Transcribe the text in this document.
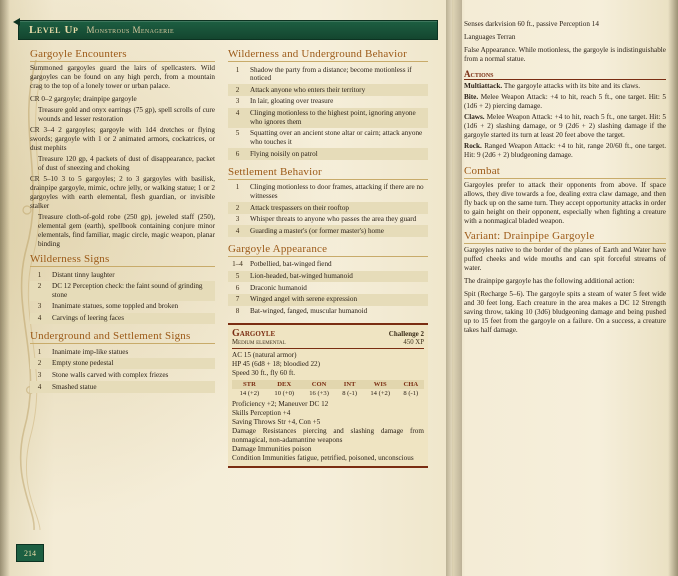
Level Up Monstrous Menagerie
Gargoyle Encounters

Summoned gargoyles guard the lairs of spellcasters. Wild gargoyles can be found on any high perch, from a mountain crag to the top of a lonely tower or urban palace.

CR 0–2 gargoyle; drainpipe gargoyle

Treasure gold and onyx earrings (75 gp), spell scrolls of cure wounds and lesser restoration

CR 3–4 2 gargoyles; gargoyle with 1d4 dretches or flying swords; gargoyle with 1 or 2 animated armors, cockatrices, or dust mephits

Treasure 120 gp, 4 packets of dust of disappearance, packet of dust of sneezing and choking

CR 5–10 3 to 5 gargoyles; 2 to 3 gargoyles with basilisk, drainpipe gargoyle, mimic, ochre jelly, or walking statue; 1 or 2 gargoyles with earth elemental, flesh guardian, or invisible stalker

Treasure cloth-of-gold robe (250 gp), jeweled staff (250), elemental gem (earth), spellbook containing conjure minor elementals, find familiar, magic circle, magic weapon, planar binding

Wilderness Signs
1	Distant tinny laughter
2	DC 12 Perception check: the faint sound of grinding stone
3	Inanimate statues, some toppled and broken
4	Carvings of leering faces
Underground and Settlement Signs
1	Inanimate imp-like statues
2	Empty stone pedestal
3	Stone walls carved with complex friezes
4	Smashed statue
Wilderness and Underground Behavior
1	Shadow the party from a distance; become motionless if noticed
2	Attack anyone who enters their territory
3	In lair, gloating over treasure
4	Clinging motionless to the highest point, ignoring anyone who ignores them
5	Squatting over an ancient stone altar or cairn; attack anyone who touches it
6	Flying noisily on patrol
Settlement Behavior
1	Clinging motionless to door frames, attacking if there are no witnesses
2	Attack trespassers on their rooftop
3	Whisper threats to anyone who passes the area they guard
4	Guarding a master's (or former master's) home
Gargoyle Appearance
1–4	Potbellied, bat-winged fiend
5	Lion-headed, bat-winged humanoid
6	Draconic humanoid
7	Winged angel with serene expression
8	Bat-winged, fanged, muscular humanoid
Gargoyle	Challenge 2
Medium elemental	450 XP

AC 15 (natural armor)

HP 45 (6d8 + 18; bloodied 22)

Speed 30 ft., fly 60 ft.

STR	DEX	CON	INT	WIS	CHA
14 (+2)	10 (+0)	16 (+3)	8 (-1)	14 (+2)	8 (-1)

Proficiency +2; Maneuver DC 12

Skills Perception +4

Saving Throws Str +4, Con +5

Damage Resistances piercing and slashing damage from nonmagical, non-adamantine weapons

Damage Immunities poison

Condition Immunities fatigue, petrified, poisoned, unconscious

214

Senses darkvision 60 ft., passive Perception 14

Languages Terran

False Appearance. While motionless, the gargoyle is indistinguishable from a normal statue.

Actions

Multiattack. The gargoyle attacks with its bite and its claws.

Bite. Melee Weapon Attack: +4 to hit, reach 5 ft., one target. Hit: 5 (1d6 + 2) piercing damage.

Claws. Melee Weapon Attack: +4 to hit, reach 5 ft., one target. Hit: 5 (1d6 + 2) slashing damage, or 9 (2d6 + 2) slashing damage if the gargoyle started its turn at least 20 feet above the target.

Rock. Ranged Weapon Attack: +4 to hit, range 20/60 ft., one target. Hit: 9 (2d6 + 2) bludgeoning damage.

Combat

Gargoyles prefer to attack their opponents from above. If space allows, they dive towards a foe, dealing extra claw damage, and then fly back up on the same turn. They accept opportunity attacks in order to gain height on their opponent, especially when fighting a creature with a nonmagical bladed weapon.

Variant: Drainpipe Gargoyle

Gargoyles native to the border of the planes of Earth and Water have puffed cheeks and wide mouths and can spit forceful streams of water.

The drainpipe gargoyle has the following additional action:

Spit (Recharge 5–6). The gargoyle spits a steam of water 5 feet wide and 30 feet long. Each creature in the area makes a DC 12 Strength saving throw, taking 10 (3d6) bludgeoning damage and being pushed up to 15 feet from the gargoyle on a failure. On a success, a creature takes half damage.
